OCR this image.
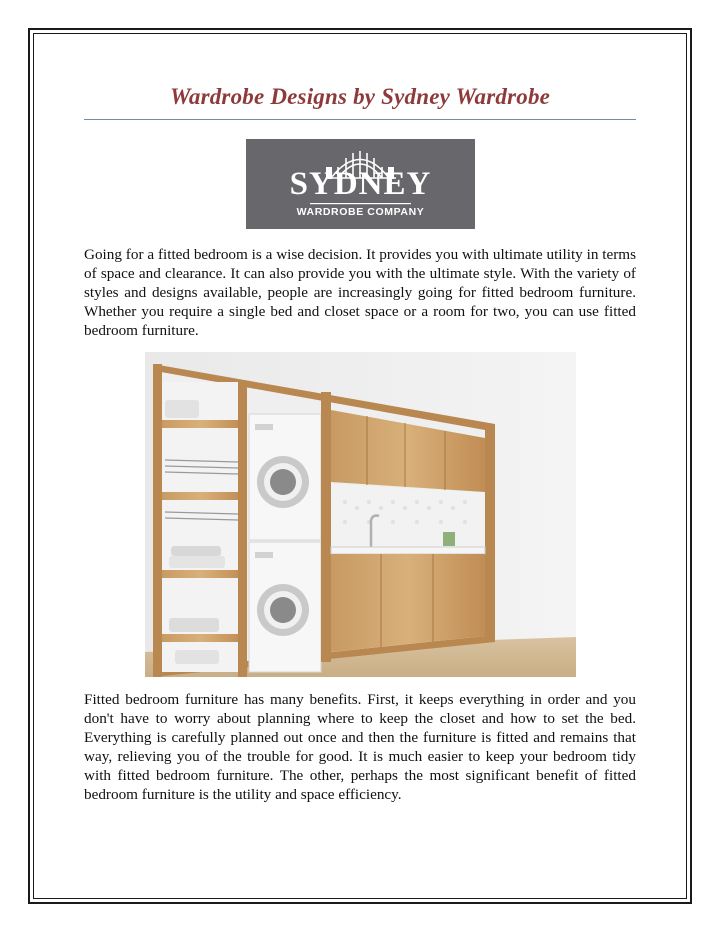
Wardrobe Designs by Sydney Wardrobe
SYDNEY
WARDROBE COMPANY

Going for a fitted bedroom is a wise decision. It provides you with ultimate utility in terms of space and clearance. It can also provide you with the ultimate style. With the variety of styles and designs available, people are increasingly going for fitted bedroom furniture. Whether you require a single bed and closet space or a room for two, you can use fitted bedroom furniture.

Fitted bedroom furniture has many benefits. First, it keeps everything in order and you don't have to worry about planning where to keep the closet and how to set the bed. Everything is carefully planned out once and then the furniture is fitted and remains that way, relieving you of the trouble for good. It is much easier to keep your bedroom tidy with fitted bedroom furniture. The other, perhaps the most significant benefit of fitted bedroom furniture is the utility and space efficiency.
